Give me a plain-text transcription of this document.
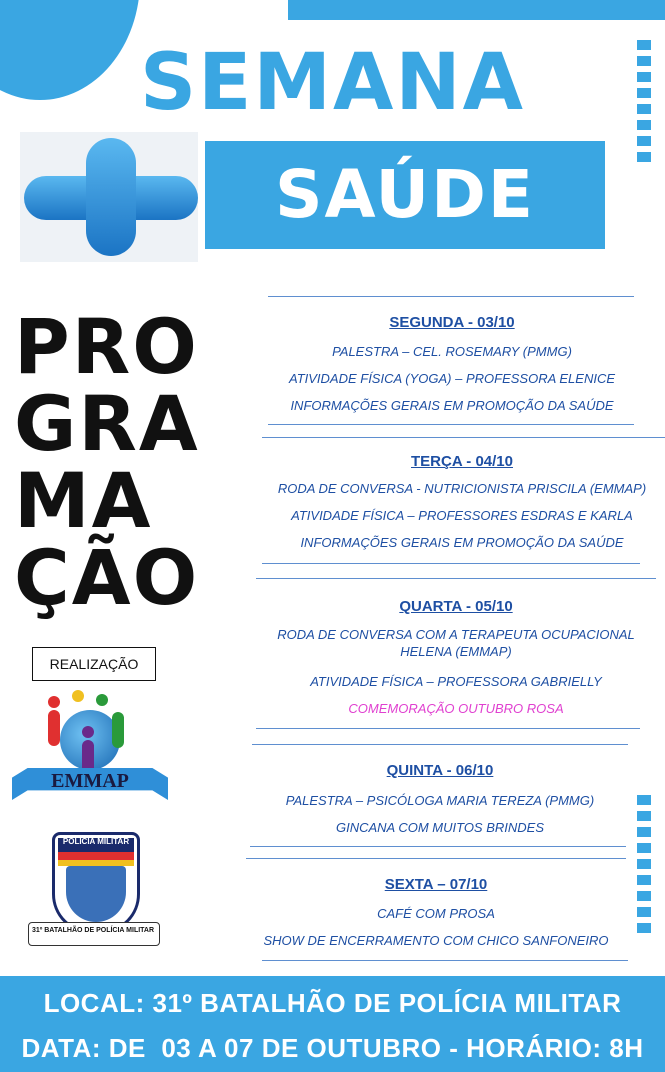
SEMANA
SAÚDE
PRO
GRA
MA
ÇÃO
REALIZAÇÃO
EMMAP
POLÍCIA MILITAR
31º BATALHÃO DE POLÍCIA MILITAR
SEGUNDA - 03/10
PALESTRA – CEL. ROSEMARY (PMMG)
ATIVIDADE FÍSICA (YOGA) – PROFESSORA ELENICE
INFORMAÇÕES GERAIS EM PROMOÇÃO DA SAÚDE
TERÇA - 04/10
RODA DE CONVERSA - NUTRICIONISTA PRISCILA (EMMAP)
ATIVIDADE FÍSICA – PROFESSORES ESDRAS E KARLA
INFORMAÇÕES GERAIS EM PROMOÇÃO DA SAÚDE
QUARTA - 05/10
RODA DE CONVERSA COM A TERAPEUTA OCUPACIONAL HELENA (EMMAP)
ATIVIDADE FÍSICA – PROFESSORA GABRIELLY
COMEMORAÇÃO OUTUBRO ROSA
QUINTA - 06/10
PALESTRA – PSICÓLOGA MARIA TEREZA (PMMG)
GINCANA COM MUITOS BRINDES
SEXTA – 07/10
CAFÉ COM PROSA
SHOW DE ENCERRAMENTO COM CHICO SANFONEIRO
LOCAL: 31º BATALHÃO DE POLÍCIA MILITAR
DATA: DE  03 A 07 DE OUTUBRO - HORÁRIO: 8H
